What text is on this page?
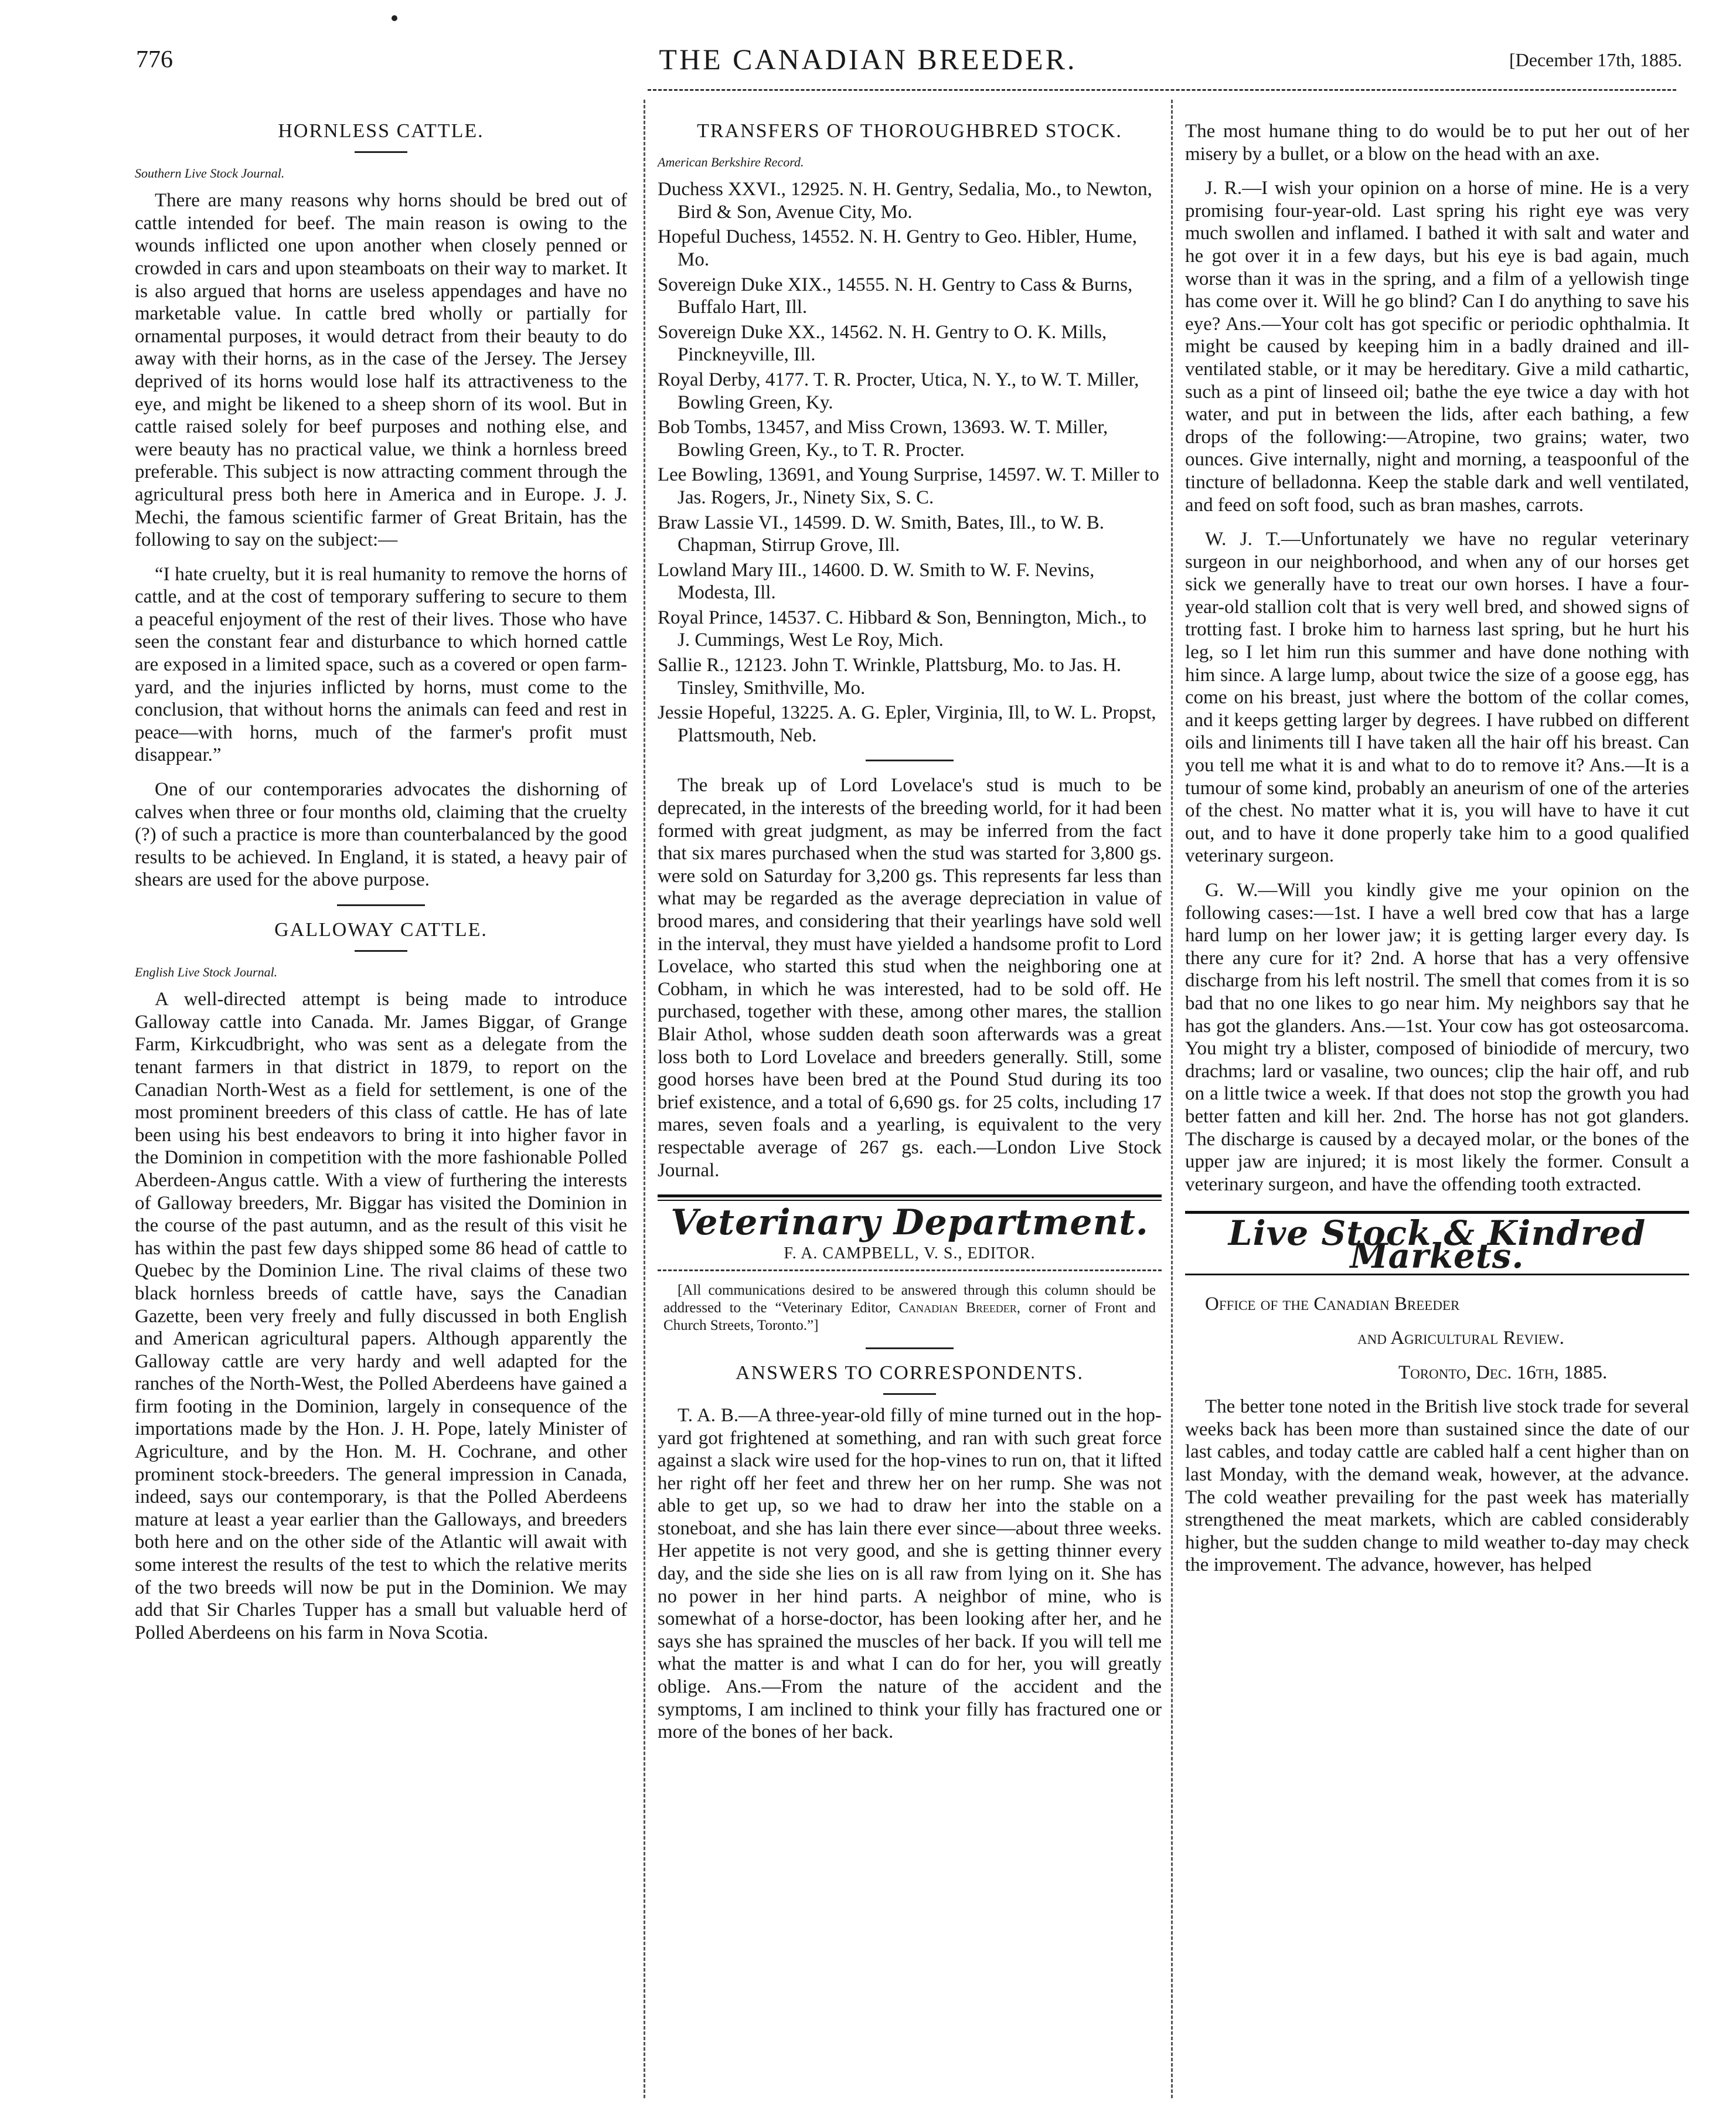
776	THE CANADIAN BREEDER.	[December 17th, 1885.
HORNLESS CATTLE.
Southern Live Stock Journal.

There are many reasons why horns should be bred out of cattle intended for beef. The main reason is owing to the wounds inflicted one upon another when closely penned or crowded in cars and upon steamboats on their way to market. It is also argued that horns are useless appendages and have no marketable value. In cattle bred wholly or partially for ornamental purposes, it would detract from their beauty to do away with their horns, as in the case of the Jersey. The Jersey deprived of its horns would lose half its attractiveness to the eye, and might be likened to a sheep shorn of its wool. But in cattle raised solely for beef purposes and nothing else, and were beauty has no practical value, we think a hornless breed preferable. This subject is now attracting comment through the agricultural press both here in America and in Europe. J. J. Mechi, the famous scientific farmer of Great Britain, has the following to say on the subject:—

“I hate cruelty, but it is real humanity to remove the horns of cattle, and at the cost of temporary suffering to secure to them a peaceful enjoyment of the rest of their lives. Those who have seen the constant fear and disturbance to which horned cattle are exposed in a limited space, such as a covered or open farm-yard, and the injuries inflicted by horns, must come to the conclusion, that without horns the animals can feed and rest in peace—with horns, much of the farmer's profit must disappear.”

One of our contemporaries advocates the dishorning of calves when three or four months old, claiming that the cruelty (?) of such a practice is more than counterbalanced by the good results to be achieved. In England, it is stated, a heavy pair of shears are used for the above purpose.

GALLOWAY CATTLE.
English Live Stock Journal.

A well-directed attempt is being made to introduce Galloway cattle into Canada. Mr. James Biggar, of Grange Farm, Kirkcudbright, who was sent as a delegate from the tenant farmers in that district in 1879, to report on the Canadian North-West as a field for settlement, is one of the most prominent breeders of this class of cattle. He has of late been using his best endeavors to bring it into higher favor in the Dominion in competition with the more fashionable Polled Aberdeen-Angus cattle. With a view of furthering the interests of Galloway breeders, Mr. Biggar has visited the Dominion in the course of the past autumn, and as the result of this visit he has within the past few days shipped some 86 head of cattle to Quebec by the Dominion Line. The rival claims of these two black hornless breeds of cattle have, says the Canadian Gazette, been very freely and fully discussed in both English and American agricultural papers. Although apparently the Galloway cattle are very hardy and well adapted for the ranches of the North-West, the Polled Aberdeens have gained a firm footing in the Dominion, largely in consequence of the importations made by the Hon. J. H. Pope, lately Minister of Agriculture, and by the Hon. M. H. Cochrane, and other prominent stock-breeders. The general impression in Canada, indeed, says our contemporary, is that the Polled Aberdeens mature at least a year earlier than the Galloways, and breeders both here and on the other side of the Atlantic will await with some interest the results of the test to which the relative merits of the two breeds will now be put in the Dominion. We may add that Sir Charles Tupper has a small but valuable herd of Polled Aberdeens on his farm in Nova Scotia.

TRANSFERS OF THOROUGHBRED STOCK.
American Berkshire Record.
Duchess XXVI., 12925. N. H. Gentry, Sedalia, Mo., to Newton, Bird & Son, Avenue City, Mo.
Hopeful Duchess, 14552. N. H. Gentry to Geo. Hibler, Hume, Mo.
Sovereign Duke XIX., 14555. N. H. Gentry to Cass & Burns, Buffalo Hart, Ill.
Sovereign Duke XX., 14562. N. H. Gentry to O. K. Mills, Pinckneyville, Ill.
Royal Derby, 4177. T. R. Procter, Utica, N. Y., to W. T. Miller, Bowling Green, Ky.
Bob Tombs, 13457, and Miss Crown, 13693. W. T. Miller, Bowling Green, Ky., to T. R. Procter.
Lee Bowling, 13691, and Young Surprise, 14597. W. T. Miller to Jas. Rogers, Jr., Ninety Six, S. C.
Braw Lassie VI., 14599. D. W. Smith, Bates, Ill., to W. B. Chapman, Stirrup Grove, Ill.
Lowland Mary III., 14600. D. W. Smith to W. F. Nevins, Modesta, Ill.
Royal Prince, 14537. C. Hibbard & Son, Bennington, Mich., to J. Cummings, West Le Roy, Mich.
Sallie R., 12123. John T. Wrinkle, Plattsburg, Mo. to Jas. H. Tinsley, Smithville, Mo.
Jessie Hopeful, 13225. A. G. Epler, Virginia, Ill, to W. L. Propst, Plattsmouth, Neb.

The break up of Lord Lovelace's stud is much to be deprecated, in the interests of the breeding world, for it had been formed with great judgment, as may be inferred from the fact that six mares purchased when the stud was started for 3,800 gs. were sold on Saturday for 3,200 gs. This represents far less than what may be regarded as the average depreciation in value of brood mares, and considering that their yearlings have sold well in the interval, they must have yielded a handsome profit to Lord Lovelace, who started this stud when the neighboring one at Cobham, in which he was interested, had to be sold off. He purchased, together with these, among other mares, the stallion Blair Athol, whose sudden death soon afterwards was a great loss both to Lord Lovelace and breeders generally. Still, some good horses have been bred at the Pound Stud during its too brief existence, and a total of 6,690 gs. for 25 colts, including 17 mares, seven foals and a yearling, is equivalent to the very respectable average of 267 gs. each.—London Live Stock Journal.

Veterinary Department.
F. A. CAMPBELL, V. S., EDITOR.
[All communications desired to be answered through this column should be addressed to the “Veterinary Editor, Canadian Breeder, corner of Front and Church Streets, Toronto.”]
ANSWERS TO CORRESPONDENTS.

T. A. B.—A three-year-old filly of mine turned out in the hop-yard got frightened at something, and ran with such great force against a slack wire used for the hop-vines to run on, that it lifted her right off her feet and threw her on her rump. She was not able to get up, so we had to draw her into the stable on a stoneboat, and she has lain there ever since—about three weeks. Her appetite is not very good, and she is getting thinner every day, and the side she lies on is all raw from lying on it. She has no power in her hind parts. A neighbor of mine, who is somewhat of a horse-doctor, has been looking after her, and he says she has sprained the muscles of her back. If you will tell me what the matter is and what I can do for her, you will greatly oblige. Ans.—From the nature of the accident and the symptoms, I am inclined to think your filly has fractured one or more of the bones of her back.

The most humane thing to do would be to put her out of her misery by a bullet, or a blow on the head with an axe.

J. R.—I wish your opinion on a horse of mine. He is a very promising four-year-old. Last spring his right eye was very much swollen and inflamed. I bathed it with salt and water and he got over it in a few days, but his eye is bad again, much worse than it was in the spring, and a film of a yellowish tinge has come over it. Will he go blind? Can I do anything to save his eye? Ans.—Your colt has got specific or periodic ophthalmia. It might be caused by keeping him in a badly drained and ill-ventilated stable, or it may be hereditary. Give a mild cathartic, such as a pint of linseed oil; bathe the eye twice a day with hot water, and put in between the lids, after each bathing, a few drops of the following:—Atropine, two grains; water, two ounces. Give internally, night and morning, a teaspoonful of the tincture of belladonna. Keep the stable dark and well ventilated, and feed on soft food, such as bran mashes, carrots.

W. J. T.—Unfortunately we have no regular veterinary surgeon in our neighborhood, and when any of our horses get sick we generally have to treat our own horses. I have a four-year-old stallion colt that is very well bred, and showed signs of trotting fast. I broke him to harness last spring, but he hurt his leg, so I let him run this summer and have done nothing with him since. A large lump, about twice the size of a goose egg, has come on his breast, just where the bottom of the collar comes, and it keeps getting larger by degrees. I have rubbed on different oils and liniments till I have taken all the hair off his breast. Can you tell me what it is and what to do to remove it? Ans.—It is a tumour of some kind, probably an aneurism of one of the arteries of the chest. No matter what it is, you will have to have it cut out, and to have it done properly take him to a good qualified veterinary surgeon.

G. W.—Will you kindly give me your opinion on the following cases:—1st. I have a well bred cow that has a large hard lump on her lower jaw; it is getting larger every day. Is there any cure for it? 2nd. A horse that has a very offensive discharge from his left nostril. The smell that comes from it is so bad that no one likes to go near him. My neighbors say that he has got the glanders. Ans.—1st. Your cow has got osteosarcoma. You might try a blister, composed of biniodide of mercury, two drachms; lard or vasaline, two ounces; clip the hair off, and rub on a little twice a week. If that does not stop the growth you had better fatten and kill her. 2nd. The horse has not got glanders. The discharge is caused by a decayed molar, or the bones of the upper jaw are injured; it is most likely the former. Consult a veterinary surgeon, and have the offending tooth extracted.

Live Stock & Kindred Markets.

Office of the Canadian Breeder

and Agricultural Review.

Toronto, Dec. 16th, 1885.

The better tone noted in the British live stock trade for several weeks back has been more than sustained since the date of our last cables, and today cattle are cabled half a cent higher than on last Monday, with the demand weak, however, at the advance. The cold weather prevailing for the past week has materially strengthened the meat markets, which are cabled considerably higher, but the sudden change to mild weather to-day may check the improvement. The advance, however, has helped
